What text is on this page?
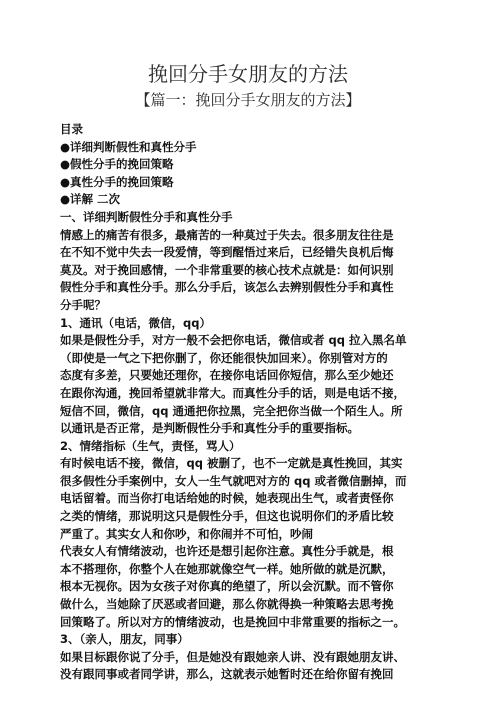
挽回分手女朋友的方法
【篇一：挽回分手女朋友的方法】
目录
●详细判断假性和真性分手
●假性分手的挽回策略
●真性分手的挽回策略
●详解 二次
一、详细判断假性分手和真性分手
情感上的痛苦有很多，最痛苦的一种莫过于失去。很多朋友往往是
在不知不觉中失去一段爱情，等到醒悟过来后，已经错失良机后悔
莫及。对于挽回感情，一个非常重要的核心技术点就是：如何识别
假性分手和真性分手。那么分手后，该怎么去辨别假性分手和真性
分手呢？
1、通讯（电话，微信，qq）
如果是假性分手，对方一般不会把你电话，微信或者 qq 拉入黑名单
（即使是一气之下把你删了，你还能很快加回来）。你别管对方的
态度有多差，只要她还理你，在接你电话回你短信，那么至少她还
在跟你沟通，挽回希望就非常大。而真性分手的话，则是电话不接，
短信不回，微信，qq 通通把你拉黑，完全把你当做一个陌生人。所
以通讯是否正常，是判断假性分手和真性分手的重要指标。
2、情绪指标（生气，责怪，骂人）
有时候电话不接，微信，qq 被删了，也不一定就是真性挽回，其实
很多假性分手案例中，女人一生气就吧对方的 qq 或者微信删掉，而
电话留着。而当你打电话给她的时候，她表现出生气，或者责怪你
之类的情绪，那说明这只是假性分手，但这也说明你们的矛盾比较
严重了。其实女人和你吵，和你闹并不可怕，吵闹
代表女人有情绪波动，也许还是想引起你注意。真性分手就是，根
本不搭理你，你整个人在她那就像空气一样。她所做的就是沉默，
根本无视你。因为女孩子对你真的绝望了，所以会沉默。而不管你
做什么，当她除了厌恶或者回避，那么你就得换一种策略去思考挽
回策略了。所以对方的情绪波动，也是挽回中非常重要的指标之一。
3、（亲人，朋友，同事）
如果目标跟你说了分手，但是她没有跟她亲人讲、没有跟她朋友讲、
没有跟同事或者同学讲，那么，这就表示她暂时还在给你留有挽回
